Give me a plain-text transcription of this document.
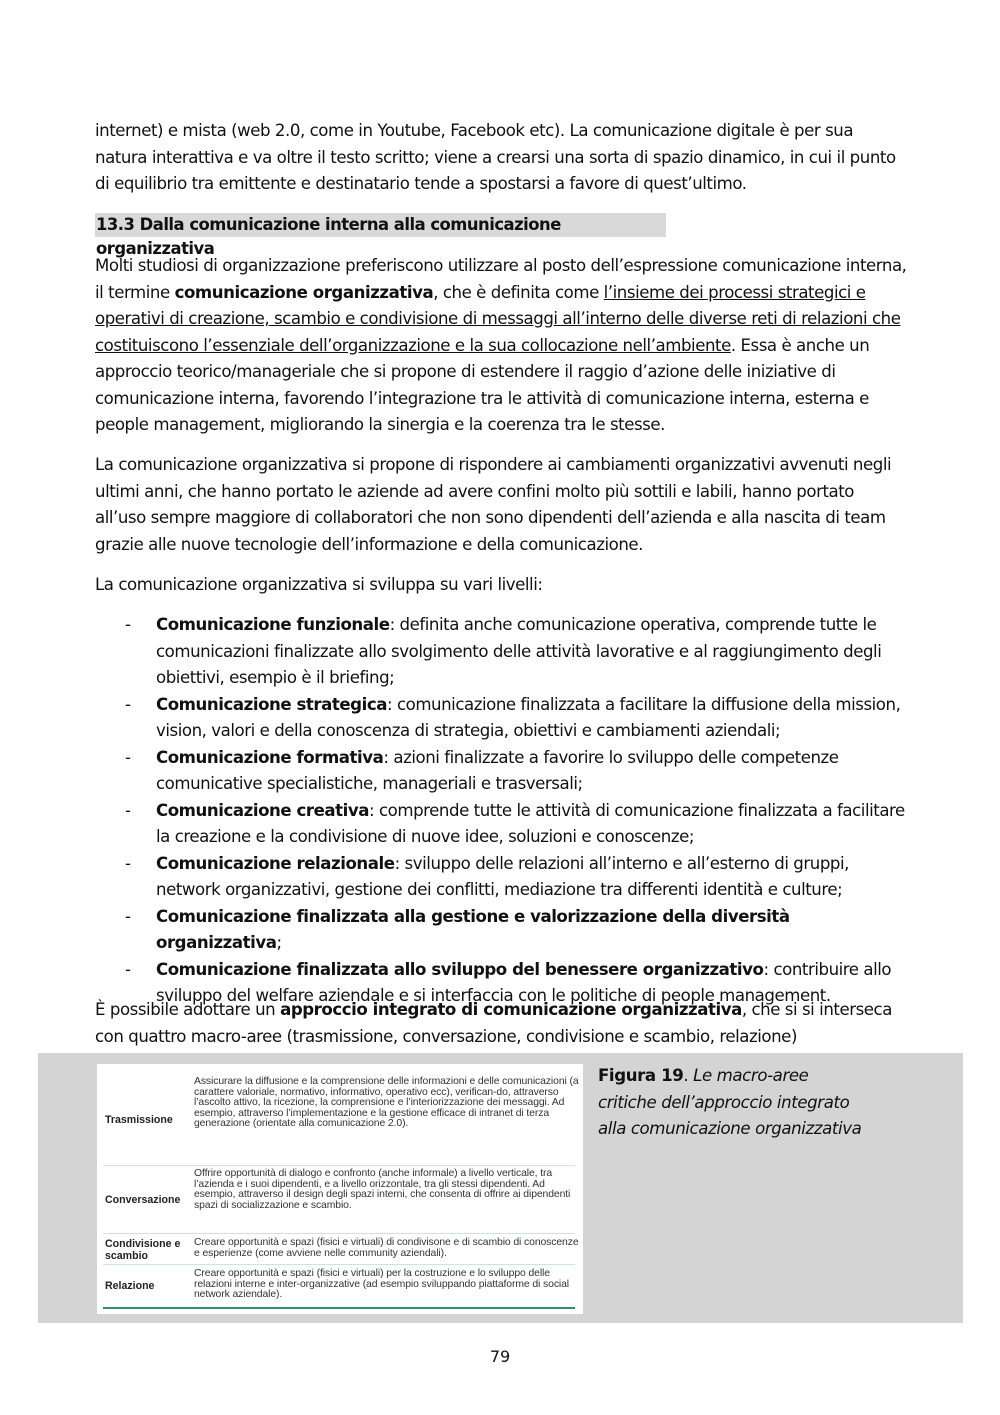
internet) e mista (web 2.0, come in Youtube, Facebook etc). La comunicazione digitale è per sua natura interattiva e va oltre il testo scritto; viene a crearsi una sorta di spazio dinamico, in cui il punto di equilibrio tra emittente e destinatario tende a spostarsi a favore di quest’ultimo.

13.3 Dalla comunicazione interna alla comunicazione organizzativa

Molti studiosi di organizzazione preferiscono utilizzare al posto dell’espressione comunicazione interna, il termine comunicazione organizzativa, che è definita come l’insieme dei processi strategici e operativi di creazione, scambio e condivisione di messaggi all’interno delle diverse reti di relazioni che costituiscono l’essenziale dell’organizzazione e la sua collocazione nell’ambiente. Essa è anche un approccio teorico/manageriale che si propone di estendere il raggio d’azione delle iniziative di comunicazione interna, favorendo l’integrazione tra le attività di comunicazione interna, esterna e people management, migliorando la sinergia e la coerenza tra le stesse.

La comunicazione organizzativa si propone di rispondere ai cambiamenti organizzativi avvenuti negli ultimi anni, che hanno portato le aziende ad avere confini molto più sottili e labili, hanno portato all’uso sempre maggiore di collaboratori che non sono dipendenti dell’azienda e alla nascita di team grazie alle nuove tecnologie dell’informazione e della comunicazione.

La comunicazione organizzativa si sviluppa su vari livelli:

- Comunicazione funzionale: definita anche comunicazione operativa, comprende tutte le comunicazioni finalizzate allo svolgimento delle attività lavorative e al raggiungimento degli obiettivi, esempio è il briefing;
- Comunicazione strategica: comunicazione finalizzata a facilitare la diffusione della mission, vision, valori e della conoscenza di strategia, obiettivi e cambiamenti aziendali;
- Comunicazione formativa: azioni finalizzate a favorire lo sviluppo delle competenze comunicative specialistiche, manageriali e trasversali;
- Comunicazione creativa: comprende tutte le attività di comunicazione finalizzata a facilitare la creazione e la condivisione di nuove idee, soluzioni e conoscenze;
- Comunicazione relazionale: sviluppo delle relazioni all’interno e all’esterno di gruppi, network organizzativi, gestione dei conflitti, mediazione tra differenti identità e culture;
- Comunicazione finalizzata alla gestione e valorizzazione della diversità organizzativa;
- Comunicazione finalizzata allo sviluppo del benessere organizzativo: contribuire allo sviluppo del welfare aziendale e si interfaccia con le politiche di people management.

È possibile adottare un approccio integrato di comunicazione organizzativa, che si si interseca con quattro macro-aree (trasmissione, conversazione, condivisione e scambio, relazione)

Trasmissione
Assicurare la diffusione e la comprensione delle informazioni e delle comunicazioni (a carattere valoriale, normativo, informativo, operativo ecc), verifican-do, attraverso l’ascolto attivo, la ricezione, la comprensione e l’interiorizzazione dei messaggi. Ad esempio, attraverso l’implementazione e la gestione efficace di intranet di terza generazione (orientate alla comunicazione 2.0).
Conversazione
Offrire opportunità di dialogo e confronto (anche informale) a livello verticale, tra l’azienda e i suoi dipendenti, e a livello orizzontale, tra gli stessi dipendenti. Ad esempio, attraverso il design degli spazi interni, che consenta di offrire ai dipendenti spazi di socializzazione e scambio.
Condivisione e scambio
Creare opportunità e spazi (fisici e virtuali) di condivisone e di scambio di conoscenze e esperienze (come avviene nelle community aziendali).
Relazione
Creare opportunità e spazi (fisici e virtuali) per la costruzione e lo sviluppo delle relazioni interne e inter-organizzative (ad esempio sviluppando piattaforme di social network aziendale).
Figura 19. Le macro-aree critiche dell’approccio integrato alla comunicazione organizzativa
79
